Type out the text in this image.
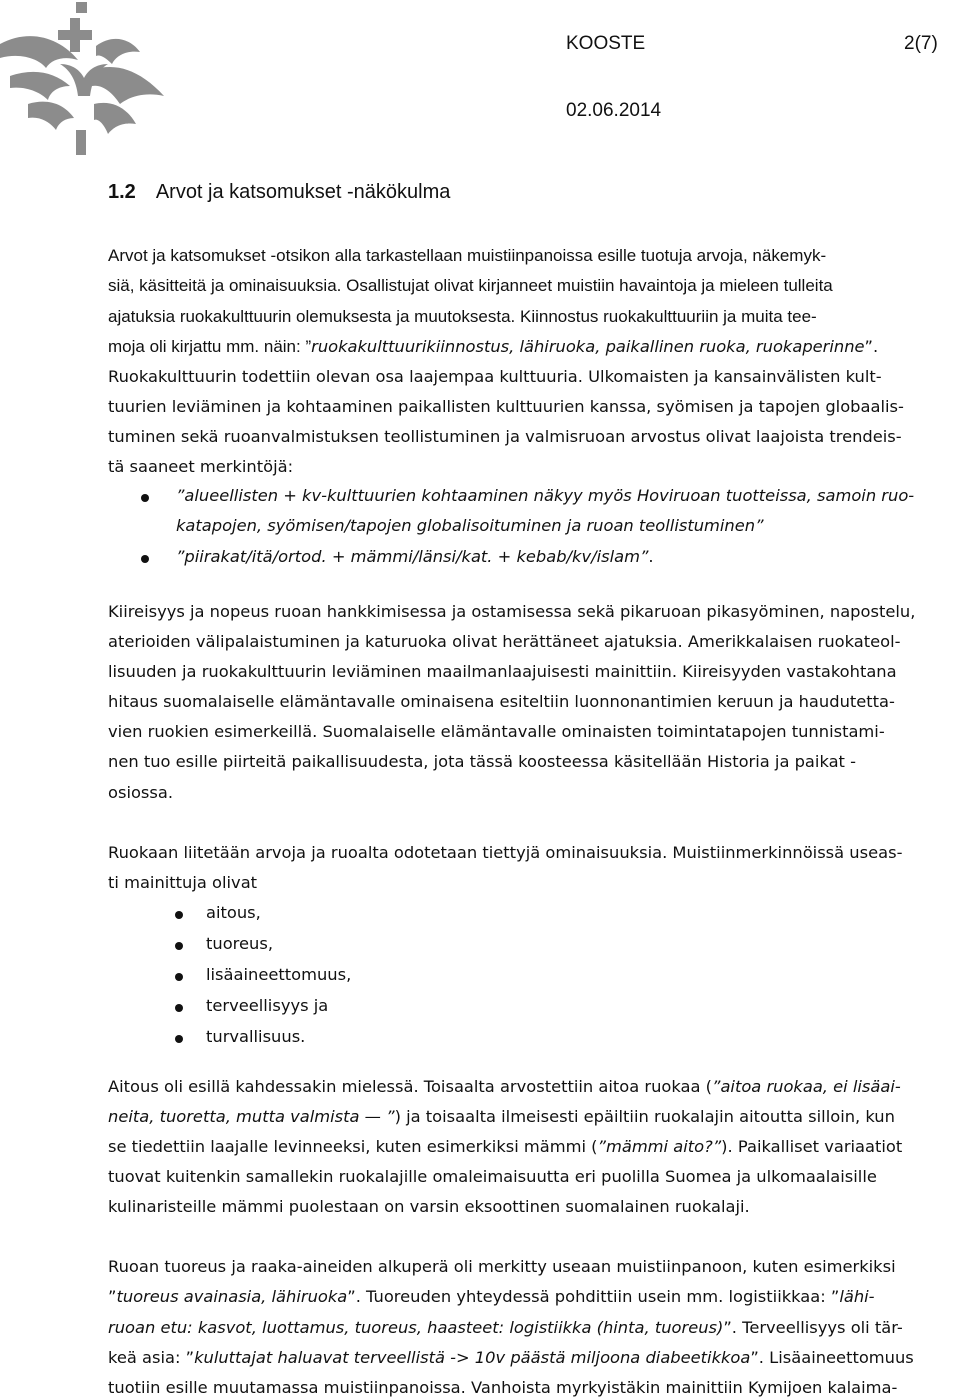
KOOSTE	2(7)
02.06.2014
1.2 Arvot ja katsomukset -näkökulma
Arvot ja katsomukset -otsikon alla tarkastellaan muistiinpanoissa esille tuotuja arvoja, näkemyk-
siä, käsitteitä ja ominaisuuksia. Osallistujat olivat kirjanneet muistiin havaintoja ja mieleen tulleita
ajatuksia ruokakulttuurin olemuksesta ja muutoksesta. Kiinnostus ruokakulttuuriin ja muita tee-
moja oli kirjattu mm. näin: ”ruokakulttuurikiinnostus, lähiruoka, paikallinen ruoka, ruokaperinne”.
Ruokakulttuurin todettiin olevan osa laajempaa kulttuuria. Ulkomaisten ja kansainvälisten kult-
tuurien leviäminen ja kohtaaminen paikallisten kulttuurien kanssa, syömisen ja tapojen globaalis-
tuminen sekä ruoanvalmistuksen teollistuminen ja valmisruoan arvostus olivat laajoista trendeis-
tä saaneet merkintöjä:
”alueellisten + kv-kulttuurien kohtaaminen näkyy myös Hoviruoan tuotteissa, samoin ruo-
katapojen, syömisen/tapojen globalisoituminen ja ruoan teollistuminen”
”piirakat/itä/ortod. + mämmi/länsi/kat. + kebab/kv/islam”.
Kiireisyys ja nopeus ruoan hankkimisessa ja ostamisessa sekä pikaruoan pikasyöminen, napostelu,
aterioiden välipalaistuminen ja katuruoka olivat herättäneet ajatuksia. Amerikkalaisen ruokateol-
lisuuden ja ruokakulttuurin leviäminen maailmanlaajuisesti mainittiin. Kiireisyyden vastakohtana
hitaus suomalaiselle elämäntavalle ominaisena esiteltiin luonnonantimien keruun ja haudutetta-
vien ruokien esimerkeillä. Suomalaiselle elämäntavalle ominaisten toimintatapojen tunnistami-
nen tuo esille piirteitä paikallisuudesta, jota tässä koosteessa käsitellään Historia ja paikat -
osiossa.
Ruokaan liitetään arvoja ja ruoalta odotetaan tiettyjä ominaisuuksia. Muistiinmerkinnöissä useas-
ti mainittuja olivat
aitous,
tuoreus,
lisäaineettomuus,
terveellisyys ja
turvallisuus.
Aitous oli esillä kahdessakin mielessä. Toisaalta arvostettiin aitoa ruokaa (”aitoa ruokaa, ei lisäai-
neita, tuoretta, mutta valmista — ”) ja toisaalta ilmeisesti epäiltiin ruokalajin aitoutta silloin, kun
se tiedettiin laajalle levinneeksi, kuten esimerkiksi mämmi (”mämmi aito?”). Paikalliset variaatiot
tuovat kuitenkin samallekin ruokalajille omaleimaisuutta eri puolilla Suomea ja ulkomaalaisille
kulinaristeille mämmi puolestaan on varsin eksoottinen suomalainen ruokalaji.
Ruoan tuoreus ja raaka-aineiden alkuperä oli merkitty useaan muistiinpanoon, kuten esimerkiksi
”tuoreus avainasia, lähiruoka”. Tuoreuden yhteydessä pohdittiin usein mm. logistiikkaa: ”lähi-
ruoan etu: kasvot, luottamus, tuoreus, haasteet: logistiikka (hinta, tuoreus)”. Terveellisyys oli tär-
keä asia: ”kuluttajat haluavat terveellistä -> 10v päästä miljoona diabeetikkoa”. Lisäaineettomuus
tuotiin esille muutamassa muistiinpanoissa. Vanhoista myrkyistäkin mainittiin Kymijoen kalaima-
